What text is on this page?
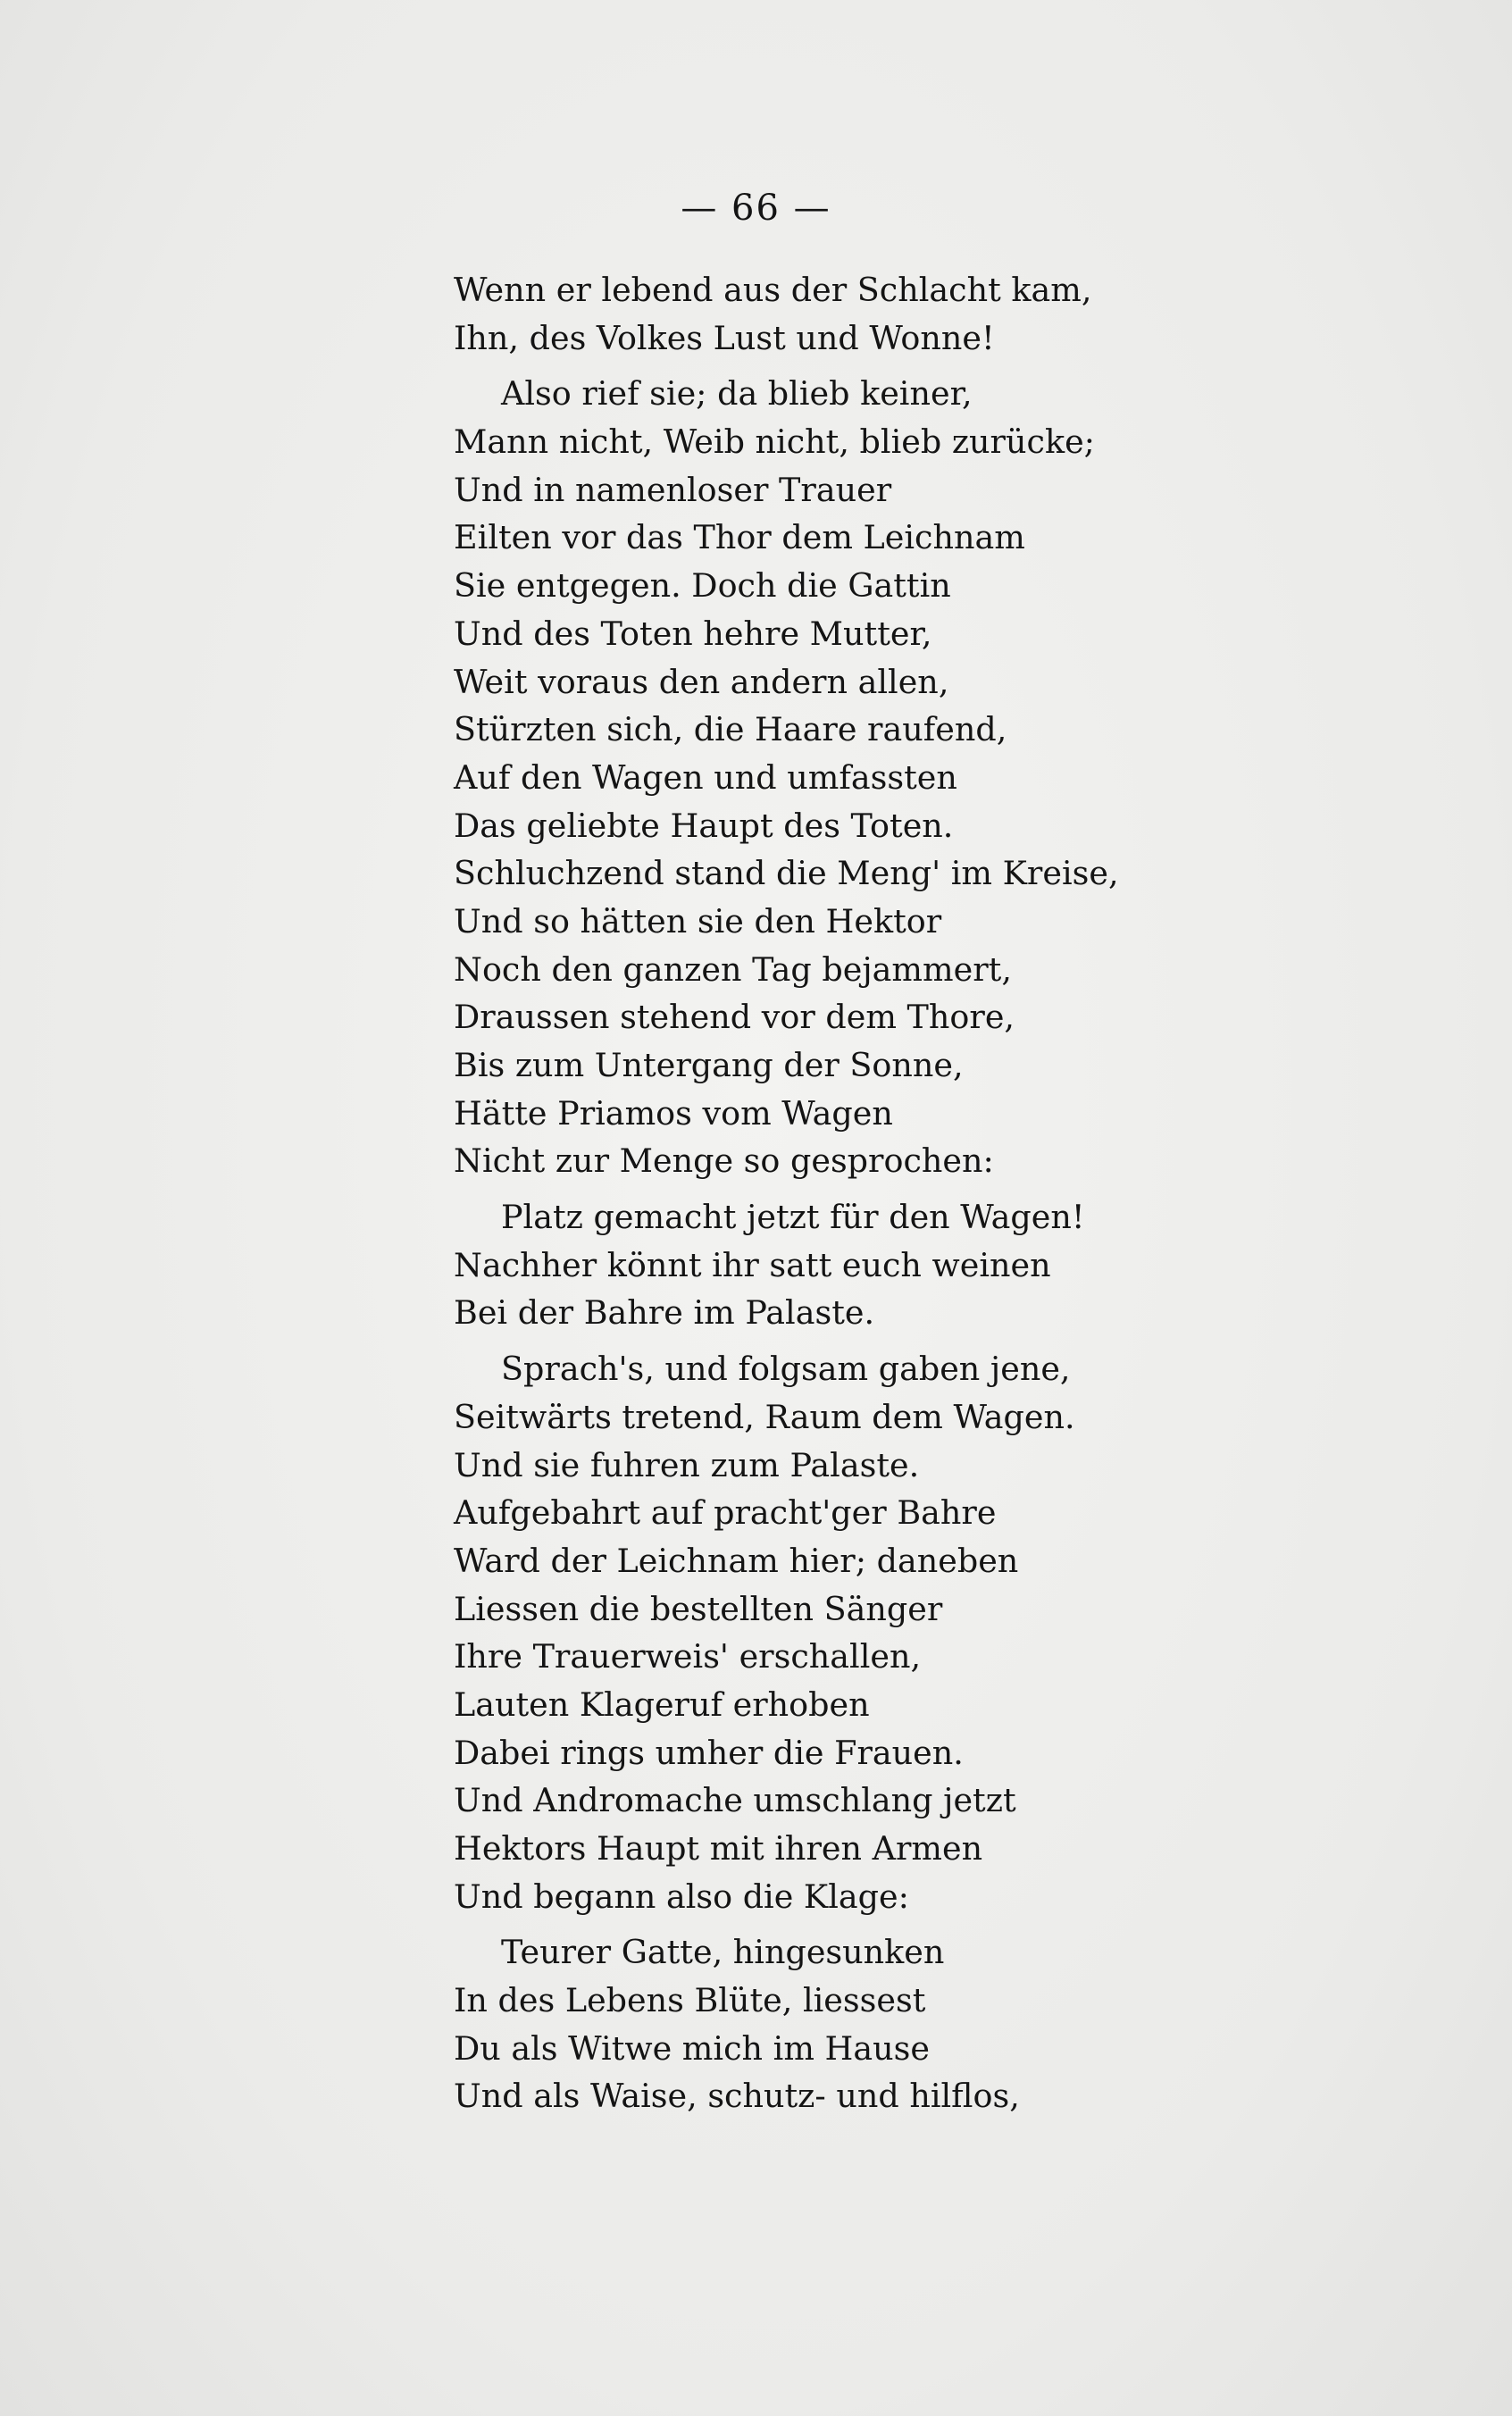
— 66 —
Wenn er lebend aus der Schlacht kam,
Ihn, des Volkes Lust und Wonne!
Also rief sie; da blieb keiner,
Mann nicht, Weib nicht, blieb zurücke;
Und in namenloser Trauer
Eilten vor das Thor dem Leichnam
Sie entgegen. Doch die Gattin
Und des Toten hehre Mutter,
Weit voraus den andern allen,
Stürzten sich, die Haare raufend,
Auf den Wagen und umfassten
Das geliebte Haupt des Toten.
Schluchzend stand die Meng' im Kreise,
Und so hätten sie den Hektor
Noch den ganzen Tag bejammert,
Draussen stehend vor dem Thore,
Bis zum Untergang der Sonne,
Hätte Priamos vom Wagen
Nicht zur Menge so gesprochen:
Platz gemacht jetzt für den Wagen!
Nachher könnt ihr satt euch weinen
Bei der Bahre im Palaste.
Sprach's, und folgsam gaben jene,
Seitwärts tretend, Raum dem Wagen.
Und sie fuhren zum Palaste.
Aufgebahrt auf pracht'ger Bahre
Ward der Leichnam hier; daneben
Liessen die bestellten Sänger
Ihre Trauerweis' erschallen,
Lauten Klageruf erhoben
Dabei rings umher die Frauen.
Und Andromache umschlang jetzt
Hektors Haupt mit ihren Armen
Und begann also die Klage:
Teurer Gatte, hingesunken
In des Lebens Blüte, liessest
Du als Witwe mich im Hause
Und als Waise, schutz- und hilflos,
